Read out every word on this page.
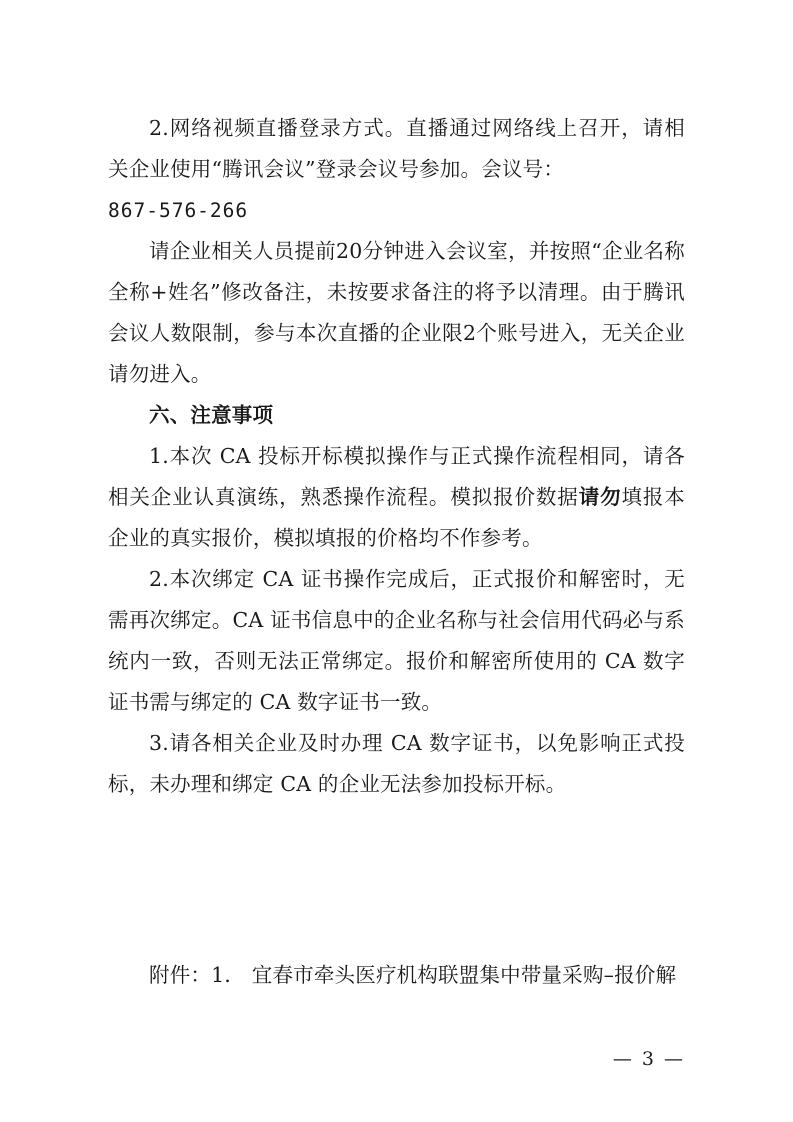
2.网络视频直播登录方式。直播通过网络线上召开，请相关企业使用“腾讯会议”登录会议号参加。会议号：

867-576-266

请企业相关人员提前20分钟进入会议室，并按照“企业名称全称+姓名”修改备注，未按要求备注的将予以清理。由于腾讯会议人数限制，参与本次直播的企业限2个账号进入，无关企业请勿进入。

六、注意事项

1.本次 CA 投标开标模拟操作与正式操作流程相同，请各相关企业认真演练，熟悉操作流程。模拟报价数据请勿填报本企业的真实报价，模拟填报的价格均不作参考。

2.本次绑定 CA 证书操作完成后，正式报价和解密时，无需再次绑定。CA 证书信息中的企业名称与社会信用代码必与系统内一致，否则无法正常绑定。报价和解密所使用的 CA 数字证书需与绑定的 CA 数字证书一致。

3.请各相关企业及时办理 CA 数字证书，以免影响正式投标，未办理和绑定 CA 的企业无法参加投标开标。

附件：1． 宜春市牵头医疗机构联盟集中带量采购–报价解

— 3 —
